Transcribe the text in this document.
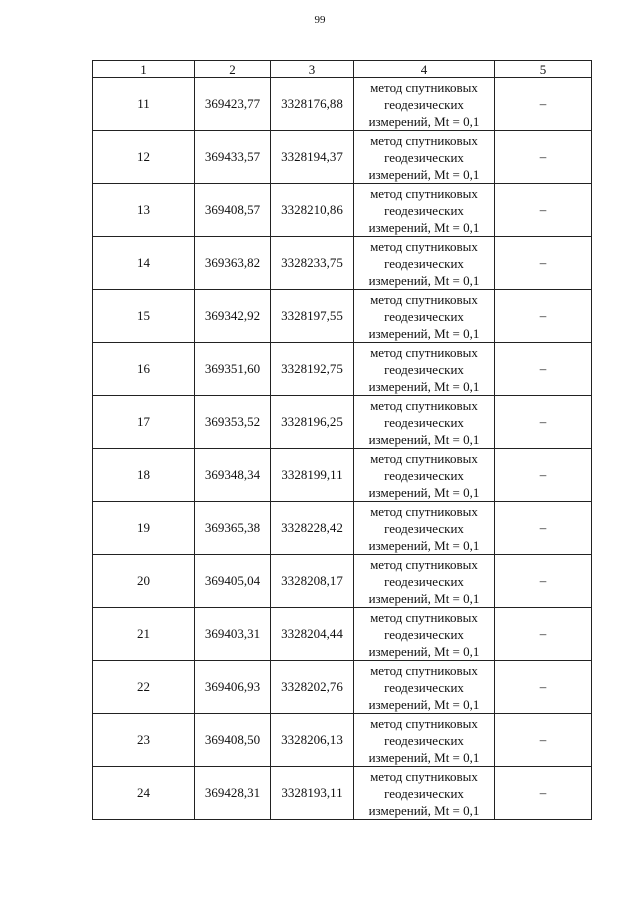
99
1	2	3	4	5
11	369423,77	3328176,88	метод спутниковых
геодезических
измерений, Mt = 0,1	–
12	369433,57	3328194,37	метод спутниковых
геодезических
измерений, Mt = 0,1	–
13	369408,57	3328210,86	метод спутниковых
геодезических
измерений, Mt = 0,1	–
14	369363,82	3328233,75	метод спутниковых
геодезических
измерений, Mt = 0,1	–
15	369342,92	3328197,55	метод спутниковых
геодезических
измерений, Mt = 0,1	–
16	369351,60	3328192,75	метод спутниковых
геодезических
измерений, Mt = 0,1	–
17	369353,52	3328196,25	метод спутниковых
геодезических
измерений, Mt = 0,1	–
18	369348,34	3328199,11	метод спутниковых
геодезических
измерений, Mt = 0,1	–
19	369365,38	3328228,42	метод спутниковых
геодезических
измерений, Mt = 0,1	–
20	369405,04	3328208,17	метод спутниковых
геодезических
измерений, Mt = 0,1	–
21	369403,31	3328204,44	метод спутниковых
геодезических
измерений, Mt = 0,1	–
22	369406,93	3328202,76	метод спутниковых
геодезических
измерений, Mt = 0,1	–
23	369408,50	3328206,13	метод спутниковых
геодезических
измерений, Mt = 0,1	–
24	369428,31	3328193,11	метод спутниковых
геодезических
измерений, Mt = 0,1	–
